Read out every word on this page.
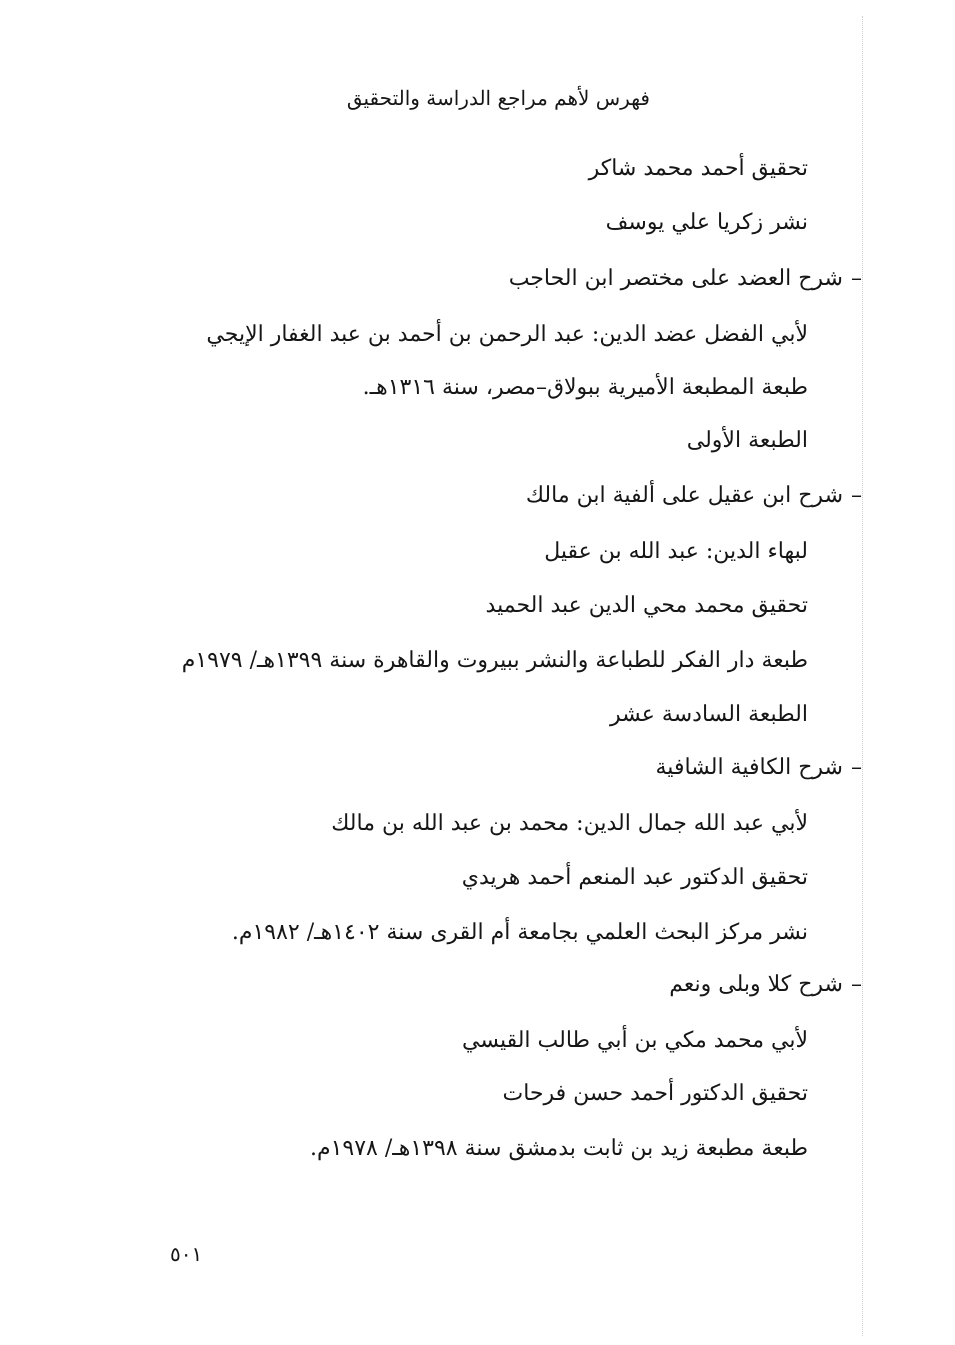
فهرس لأهم مراجع الدراسة والتحقيق
تحقيق أحمد محمد شاكر
نشر زكريا علي يوسف
–شرح العضد على مختصر ابن الحاجب
لأبي الفضل عضد الدين: عبد الرحمن بن أحمد بن عبد الغفار الإيجي
طبعة المطبعة الأميرية ببولاق–مصر، سنة ١٣١٦هـ.
الطبعة الأولى
–شرح ابن عقيل على ألفية ابن مالك
لبهاء الدين: عبد الله بن عقيل
تحقيق محمد محي الدين عبد الحميد
طبعة دار الفكر للطباعة والنشر ببيروت والقاهرة سنة ١٣٩٩هـ/ ١٩٧٩م
الطبعة السادسة عشر
–شرح الكافية الشافية
لأبي عبد الله جمال الدين: محمد بن عبد الله بن مالك
تحقيق الدكتور عبد المنعم أحمد هريدي
نشر مركز البحث العلمي بجامعة أم القرى سنة ١٤٠٢هـ/ ١٩٨٢م.
–شرح كلا وبلى ونعم
لأبي محمد مكي بن أبي طالب القيسي
تحقيق الدكتور أحمد حسن فرحات
طبعة مطبعة زيد بن ثابت بدمشق سنة ١٣٩٨هـ/ ١٩٧٨م.
٥٠١
